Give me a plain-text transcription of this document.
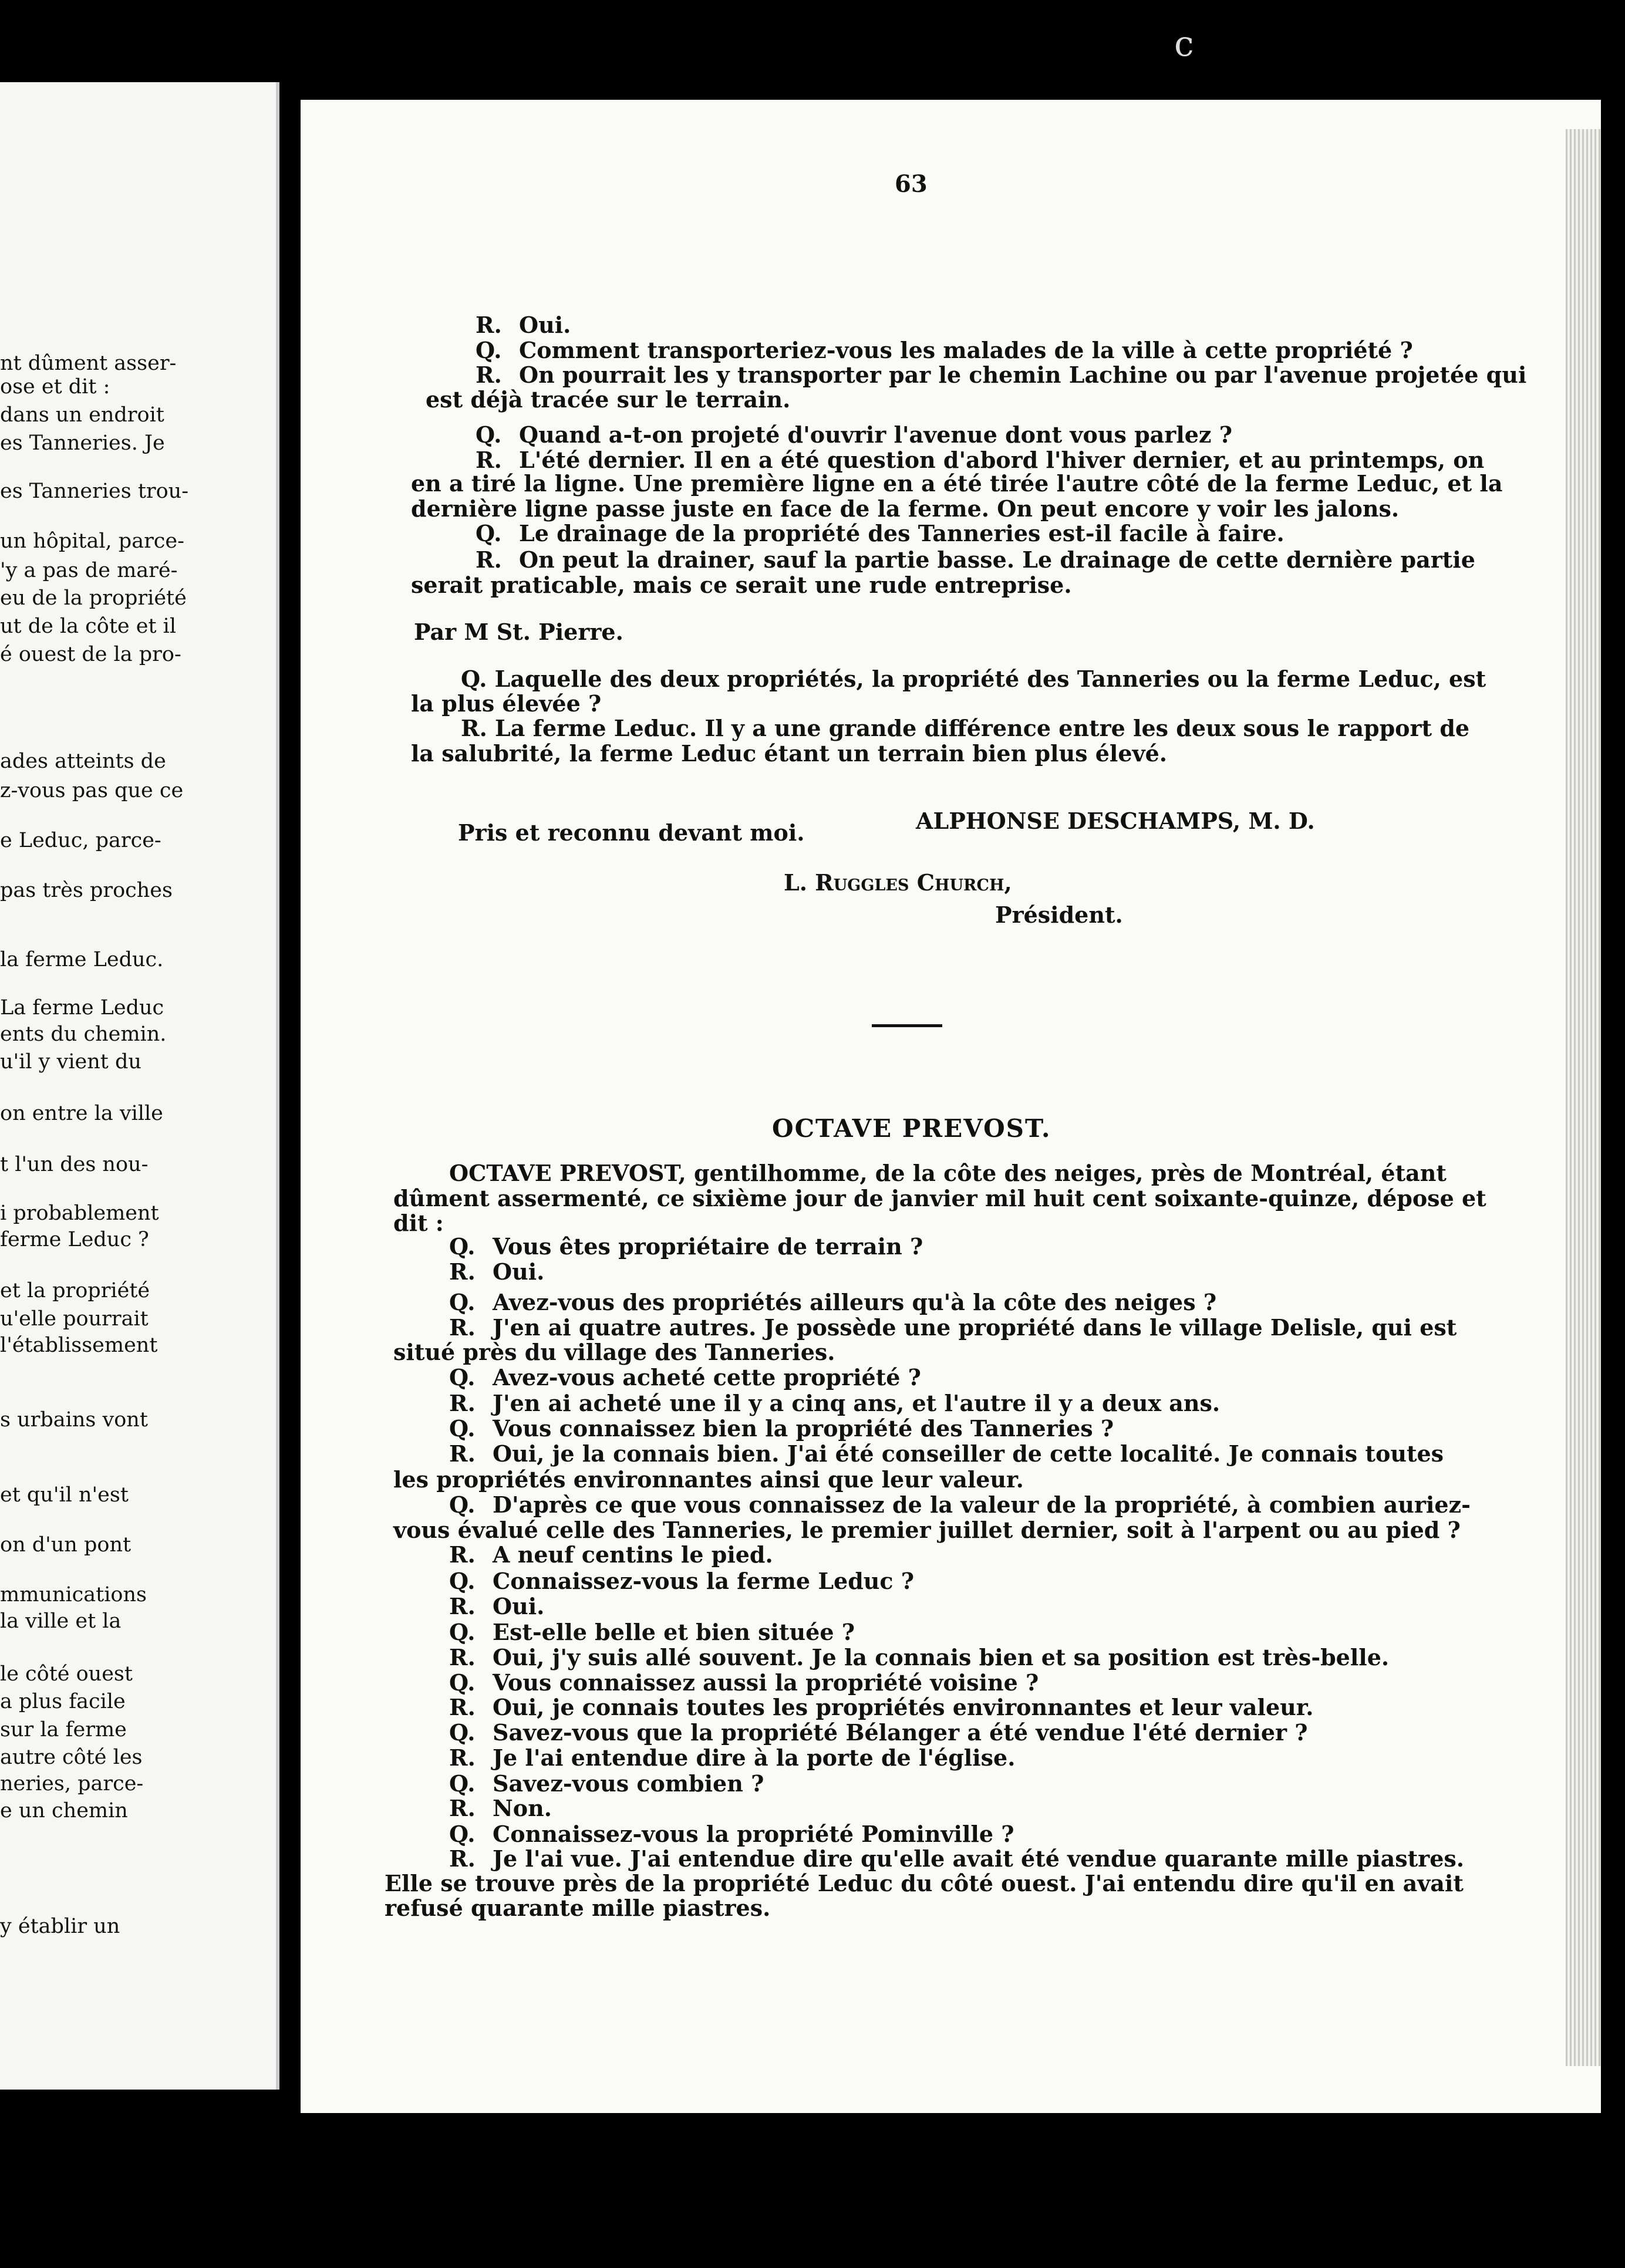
nt dûment asser-
ose et dit :
dans un endroit
es Tanneries. Je
es Tanneries trou-
un hôpital, parce-
'y a pas de maré-
eu de la propriété
ut de la côte et il
é ouest de la pro-
ades atteints de
z-vous pas que ce
e Leduc, parce-
pas très proches
la ferme Leduc.
La ferme Leduc
ents du chemin.
u'il y vient du
on entre la ville
t l'un des nou-
i probablement
ferme Leduc ?
et la propriété
u'elle pourrait
l'établissement
s urbains vont
et qu'il n'est
on d'un pont
mmunications
la ville et la
le côté ouest
a plus facile
sur la ferme
autre côté les
neries, parce-
e un chemin
y établir un
c
63
R. Oui.
Q. Comment transporteriez-vous les malades de la ville à cette propriété ?
R. On pourrait les y transporter par le chemin Lachine ou par l'avenue projetée qui
est déjà tracée sur le terrain.
Q. Quand a-t-on projeté d'ouvrir l'avenue dont vous parlez ?
R. L'été dernier. Il en a été question d'abord l'hiver dernier, et au printemps, on
en a tiré la ligne. Une première ligne en a été tirée l'autre côté de la ferme Leduc, et la
dernière ligne passe juste en face de la ferme. On peut encore y voir les jalons.
Q. Le drainage de la propriété des Tanneries est-il facile à faire.
R. On peut la drainer, sauf la partie basse. Le drainage de cette dernière partie
serait praticable, mais ce serait une rude entreprise.
Par M St. Pierre.
Q. Laquelle des deux propriétés, la propriété des Tanneries ou la ferme Leduc, est
la plus élevée ?
R. La ferme Leduc. Il y a une grande différence entre les deux sous le rapport de
la salubrité, la ferme Leduc étant un terrain bien plus élevé.
Pris et reconnu devant moi.	ALPHONSE DESCHAMPS, M. D.
L. Ruggles Church,
Président.
OCTAVE PREVOST.
OCTAVE PREVOST, gentilhomme, de la côte des neiges, près de Montréal, étant
dûment assermenté, ce sixième jour de janvier mil huit cent soixante-quinze, dépose et
dit :
Q. Vous êtes propriétaire de terrain ?
R. Oui.
Q. Avez-vous des propriétés ailleurs qu'à la côte des neiges ?
R. J'en ai quatre autres. Je possède une propriété dans le village Delisle, qui est
situé près du village des Tanneries.
Q. Avez-vous acheté cette propriété ?
R. J'en ai acheté une il y a cinq ans, et l'autre il y a deux ans.
Q. Vous connaissez bien la propriété des Tanneries ?
R. Oui, je la connais bien. J'ai été conseiller de cette localité. Je connais toutes
les propriétés environnantes ainsi que leur valeur.
Q. D'après ce que vous connaissez de la valeur de la propriété, à combien auriez-
vous évalué celle des Tanneries, le premier juillet dernier, soit à l'arpent ou au pied ?
R. A neuf centins le pied.
Q. Connaissez-vous la ferme Leduc ?
R. Oui.
Q. Est-elle belle et bien située ?
R. Oui, j'y suis allé souvent. Je la connais bien et sa position est très-belle.
Q. Vous connaissez aussi la propriété voisine ?
R. Oui, je connais toutes les propriétés environnantes et leur valeur.
Q. Savez-vous que la propriété Bélanger a été vendue l'été dernier ?
R. Je l'ai entendue dire à la porte de l'église.
Q. Savez-vous combien ?
R. Non.
Q. Connaissez-vous la propriété Pominville ?
R. Je l'ai vue. J'ai entendue dire qu'elle avait été vendue quarante mille piastres.
Elle se trouve près de la propriété Leduc du côté ouest. J'ai entendu dire qu'il en avait
refusé quarante mille piastres.
